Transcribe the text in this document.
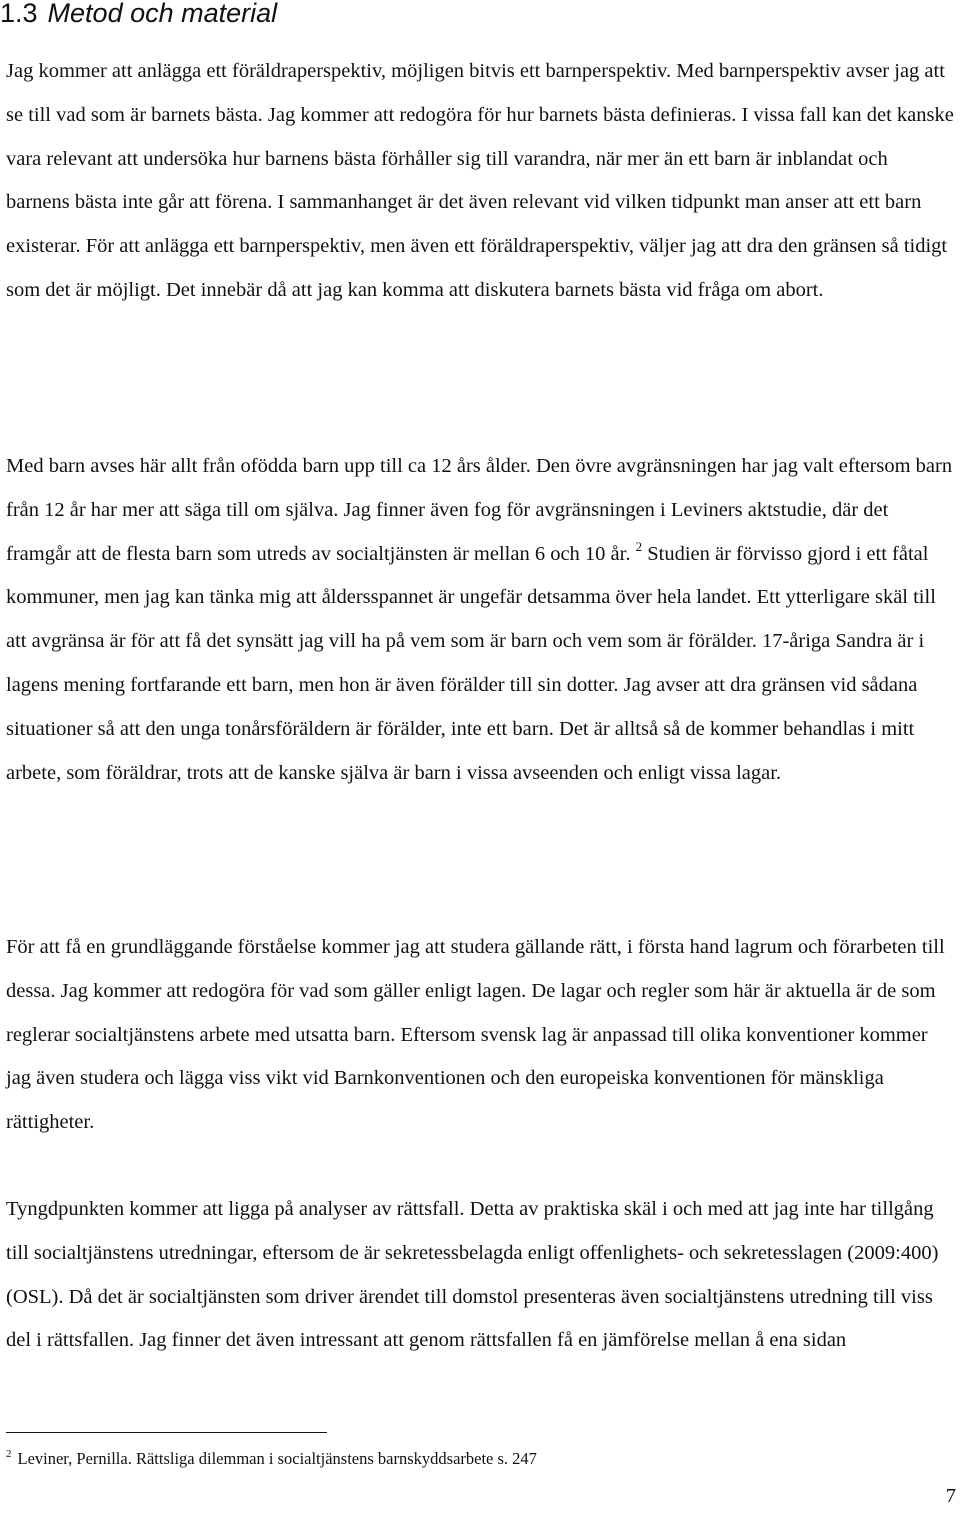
1.3 Metod och material

Jag kommer att anlägga ett föräldraperspektiv, möjligen bitvis ett barnperspektiv. Med barnperspektiv avser jag att se till vad som är barnets bästa. Jag kommer att redogöra för hur barnets bästa definieras. I vissa fall kan det kanske vara relevant att undersöka hur barnens bästa förhåller sig till varandra, när mer än ett barn är inblandat och barnens bästa inte går att förena. I sammanhanget är det även relevant vid vilken tidpunkt man anser att ett barn existerar. För att anlägga ett barnperspektiv, men även ett föräldraperspektiv, väljer jag att dra den gränsen så tidigt som det är möjligt. Det innebär då att jag kan komma att diskutera barnets bästa vid fråga om abort.

Med barn avses här allt från ofödda barn upp till ca 12 års ålder. Den övre avgränsningen har jag valt eftersom barn från 12 år har mer att säga till om själva. Jag finner även fog för avgränsningen i Leviners aktstudie, där det framgår att de flesta barn som utreds av socialtjänsten är mellan 6 och 10 år. $^2$ Studien är förvisso gjord i ett fåtal kommuner, men jag kan tänka mig att åldersspannet är ungefär detsamma över hela landet. Ett ytterligare skäl till att avgränsa är för att få det synsätt jag vill ha på vem som är barn och vem som är förälder. 17-åriga Sandra är i lagens mening fortfarande ett barn, men hon är även förälder till sin dotter. Jag avser att dra gränsen vid sådana situationer så att den unga tonårsföräldern är förälder, inte ett barn. Det är alltså så de kommer behandlas i mitt arbete, som föräldrar, trots att de kanske själva är barn i vissa avseenden och enligt vissa lagar.

För att få en grundläggande förståelse kommer jag att studera gällande rätt, i första hand lagrum och förarbeten till dessa. Jag kommer att redogöra för vad som gäller enligt lagen. De lagar och regler som här är aktuella är de som reglerar socialtjänstens arbete med utsatta barn. Eftersom svensk lag är anpassad till olika konventioner kommer jag även studera och lägga viss vikt vid Barnkonventionen och den europeiska konventionen för mänskliga rättigheter.

Tyngdpunkten kommer att ligga på analyser av rättsfall. Detta av praktiska skäl i och med att jag inte har tillgång till socialtjänstens utredningar, eftersom de är sekretessbelagda enligt offenlighets- och sekretesslagen (2009:400) (OSL). Då det är socialtjänsten som driver ärendet till domstol presenteras även socialtjänstens utredning till viss del i rättsfallen. Jag finner det även intressant att genom rättsfallen få en jämförelse mellan å ena sidan

$^2$ Leviner, Pernilla. Rättsliga dilemman i socialtjänstens barnskyddsarbete s. 247

7
